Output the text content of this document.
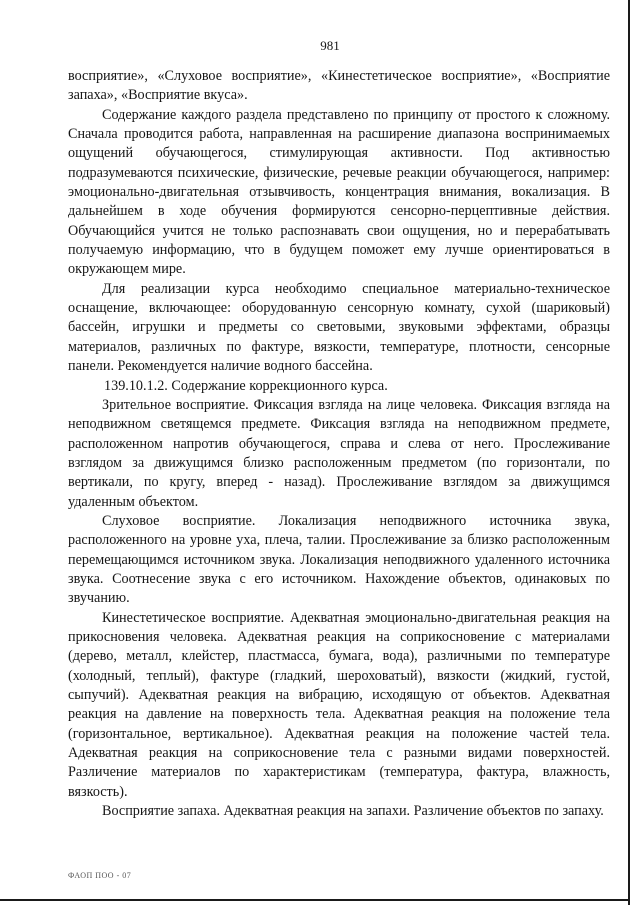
981

восприятие», «Слуховое восприятие», «Кинестетическое восприятие», «Восприятие запаха», «Восприятие вкуса».

Содержание каждого раздела представлено по принципу от простого к сложному. Сначала проводится работа, направленная на расширение диапазона воспринимаемых ощущений обучающегося, стимулирующая активности. Под активностью подразумеваются психические, физические, речевые реакции обучающегося, например: эмоционально-двигательная отзывчивость, концентрация внимания, вокализация. В дальнейшем в ходе обучения формируются сенсорно-перцептивные действия. Обучающийся учится не только распознавать свои ощущения, но и перерабатывать получаемую информацию, что в будущем поможет ему лучше ориентироваться в окружающем мире.

Для реализации курса необходимо специальное материально-техническое оснащение, включающее: оборудованную сенсорную комнату, сухой (шариковый) бассейн, игрушки и предметы со световыми, звуковыми эффектами, образцы материалов, различных по фактуре, вязкости, температуре, плотности, сенсорные панели. Рекомендуется наличие водного бассейна.

139.10.1.2. Содержание коррекционного курса.

Зрительное восприятие. Фиксация взгляда на лице человека. Фиксация взгляда на неподвижном светящемся предмете. Фиксация взгляда на неподвижном предмете, расположенном напротив обучающегося, справа и слева от него. Прослеживание взглядом за движущимся близко расположенным предметом (по горизонтали, по вертикали, по кругу, вперед - назад). Прослеживание взглядом за движущимся удаленным объектом.

Слуховое восприятие. Локализация неподвижного источника звука, расположенного на уровне уха, плеча, талии. Прослеживание за близко расположенным перемещающимся источником звука. Локализация неподвижного удаленного источника звука. Соотнесение звука с его источником. Нахождение объектов, одинаковых по звучанию.

Кинестетическое восприятие. Адекватная эмоционально-двигательная реакция на прикосновения человека. Адекватная реакция на соприкосновение с материалами (дерево, металл, клейстер, пластмасса, бумага, вода), различными по температуре (холодный, теплый), фактуре (гладкий, шероховатый), вязкости (жидкий, густой, сыпучий). Адекватная реакция на вибрацию, исходящую от объектов. Адекватная реакция на давление на поверхность тела. Адекватная реакция на положение тела (горизонтальное, вертикальное). Адекватная реакция на положение частей тела. Адекватная реакция на соприкосновение тела с разными видами поверхностей. Различение материалов по характеристикам (температура, фактура, влажность, вязкость).

Восприятие запаха. Адекватная реакция на запахи. Различение объектов по запаху.

ФАОП ПОО - 07
